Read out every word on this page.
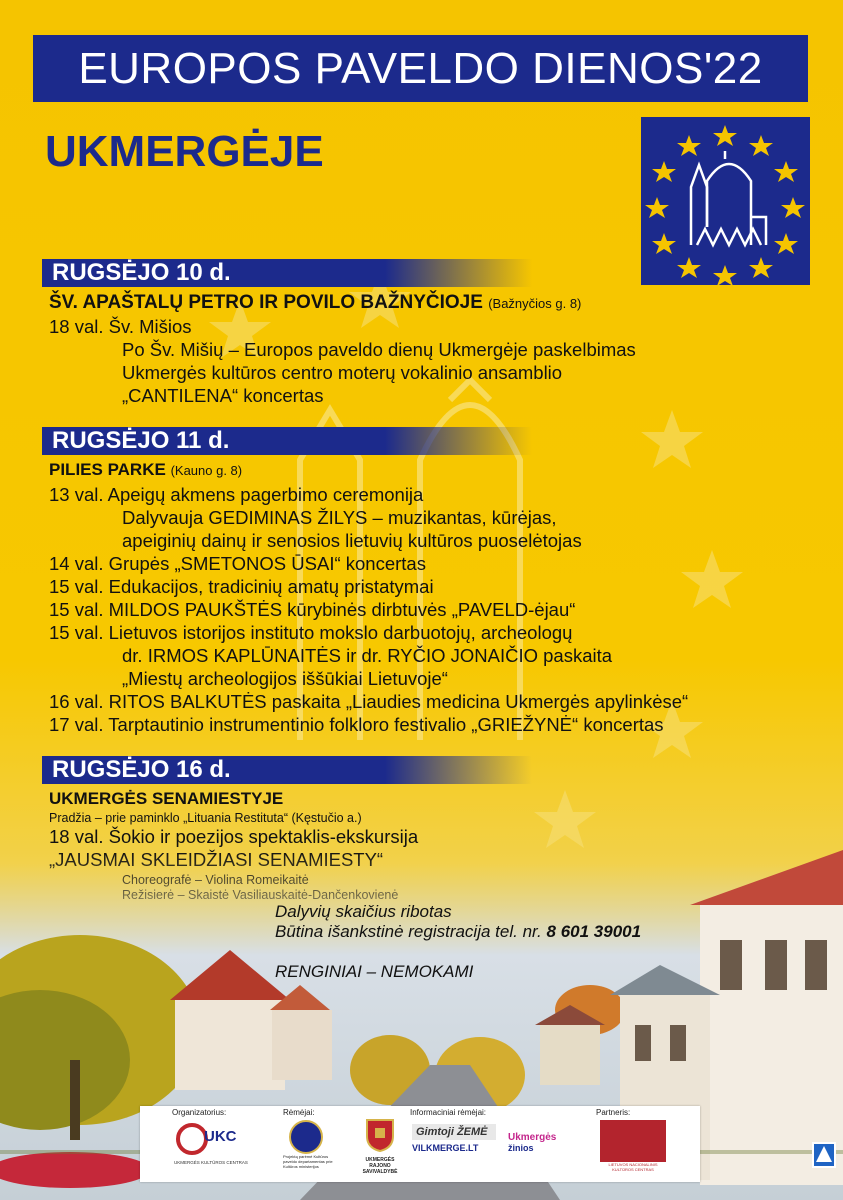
EUROPOS PAVELDO DIENOS'22
UKMERGĖJE
RUGSĖJO 10 d.
ŠV. APAŠTALŲ PETRO IR POVILO BAŽNYČIOJE (Bažnyčios g. 8)
18 val. Šv. Mišios
Po Šv. Mišių – Europos paveldo dienų Ukmergėje paskelbimas
Ukmergės kultūros centro moterų vokalinio ansamblio
„CANTILENA“ koncertas
RUGSĖJO 11 d.
PILIES PARKE (Kauno g. 8)
13 val. Apeigų akmens pagerbimo ceremonija
Dalyvauja GEDIMINAS ŽILYS – muzikantas, kūrėjas,
apeiginių dainų ir senosios lietuvių kultūros puoselėtojas
14 val. Grupės „SMETONOS ŪSAI“ koncertas
15 val. Edukacijos, tradicinių amatų pristatymai
15 val. MILDOS PAUKŠTĖS kūrybinės dirbtuvės „PAVELD-ėjau“
15 val. Lietuvos istorijos instituto mokslo darbuotojų, archeologų
dr. IRMOS KAPLŪNAITĖS ir dr. RYČIO JONAIČIO paskaita
„Miestų archeologijos iššūkiai Lietuvoje“
16 val. RITOS BALKUTĖS paskaita „Liaudies medicina Ukmergės apylinkėse“
17 val. Tarptautinio instrumentinio folkloro festivalio „GRIEŽYNĖ“ koncertas
RUGSĖJO 16 d.
UKMERGĖS SENAMIESTYJE
Pradžia – prie paminklo „Lituania Restituta“ (Kęstučio a.)
18 val. Šokio ir poezijos spektaklis-ekskursija
Dalyvių skaičius ribotas
Būtina išankstinė registracija tel. nr. 8 601 39001
RENGINIAI – NEMOKAMI
Organizatorius:	Rėmėjai:	Informaciniai rėmėjai:	Partneris:
UKC
UKMERGĖS KULTŪROS CENTRAS
Projektą parėmė Kultūros paveldo departamentas prie Kultūros ministerijos
UKMERGĖS RAJONO SAVIVALDYBĖ
Gimtoji ŽEMĖ
VILKMERGE.LT
Ukmergės
žinios
LIETUVOS NACIONALINIS KULTŪROS CENTRAS
